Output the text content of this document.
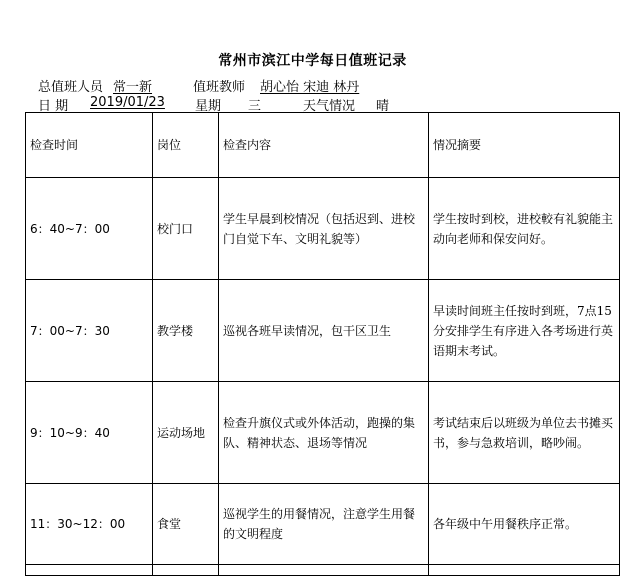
常州市滨江中学每日值班记录
总值班人员 常一新	值班教师 胡心怡 宋迪 林丹
日 期 2019/01/23 星期 三	天气情况 晴
检查时间	岗位	检查内容	情况摘要
6：40~7：00	校门口	学生早晨到校情况（包括迟到、进校门自觉下车、文明礼貌等）	学生按时到校，进校較有礼貌能主动向老师和保安问好。
7：00~7：30	教学楼	巡视各班早读情况，包干区卫生	早读时间班主任按时到班，7点15分安排学生有序进入各考场进行英语期末考试。
9：10~9：40	运动场地	检查升旗仪式或外体活动，跑操的集队、精神状态、退场等情况	考试结束后以班级为单位去书摊买书，参与急救培训，略吵闹。
11：30~12：00	食堂	巡视学生的用餐情况，注意学生用餐的文明程度	各年级中午用餐秩序正常。
